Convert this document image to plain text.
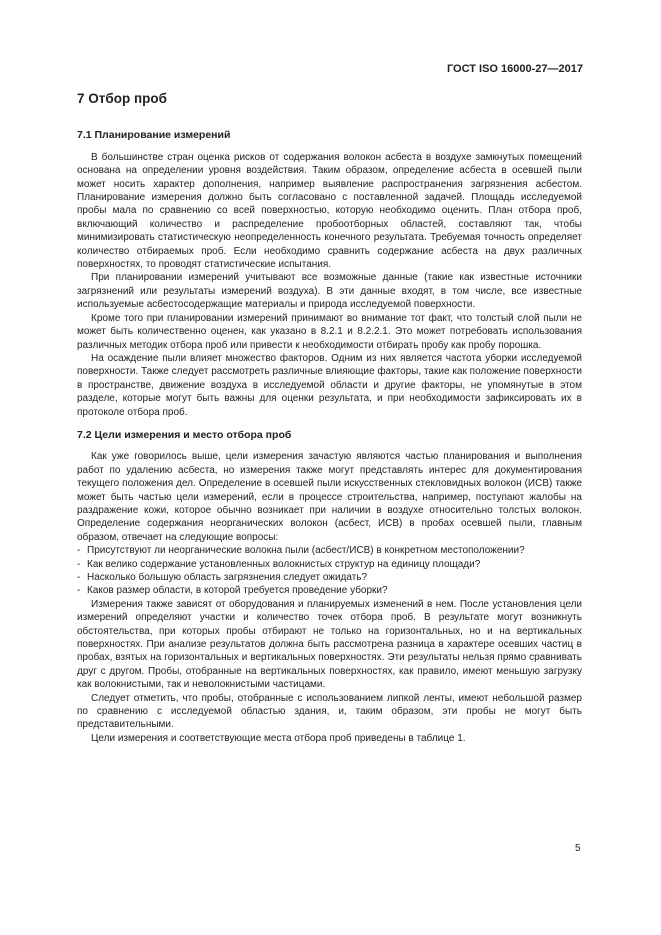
ГОСТ ISO 16000-27—2017
7 Отбор проб
7.1 Планирование измерений

В большинстве стран оценка рисков от содержания волокон асбеста в воздухе замкнутых помещений основана на определении уровня воздействия. Таким образом, определение асбеста в осевшей пыли может носить характер дополнения, например выявление распространения загрязнения асбестом. Планирование измерения должно быть согласовано с поставленной задачей. Площадь исследуемой пробы мала по сравнению со всей поверхностью, которую необходимо оценить. План отбора проб, включающий количество и распределение пробоотборных областей, составляют так, чтобы минимизировать статистическую неопределенность конечного результата. Требуемая точность определяет количество отбираемых проб. Если необходимо сравнить содержание асбеста на двух различных поверхностях, то проводят статистические испытания.

При планировании измерений учитывают все возможные данные (такие как известные источники загрязнений или результаты измерений воздуха). В эти данные входят, в том числе, все известные используемые асбестосодержащие материалы и природа исследуемой поверхности.

Кроме того при планировании измерений принимают во внимание тот факт, что толстый слой пыли не может быть количественно оценен, как указано в 8.2.1 и 8.2.2.1. Это может потребовать использования различных методик отбора проб или привести к необходимости отбирать пробу как пробу порошка.

На осаждение пыли влияет множество факторов. Одним из них является частота уборки исследуемой поверхности. Также следует рассмотреть различные влияющие факторы, такие как положение поверхности в пространстве, движение воздуха в исследуемой области и другие факторы, не упомянутые в этом разделе, которые могут быть важны для оценки результата, и при необходимости зафиксировать их в протоколе отбора проб.

7.2 Цели измерения и место отбора проб

Как уже говорилось выше, цели измерения зачастую являются частью планирования и выполнения работ по удалению асбеста, но измерения также могут представлять интерес для документирования текущего положения дел. Определение в осевшей пыли искусственных стекловидных волокон (ИСВ) также может быть частью цели измерений, если в процессе строительства, например, поступают жалобы на раздражение кожи, которое обычно возникает при наличии в воздухе относительно толстых волокон. Определение содержания неорганических волокон (асбест, ИСВ) в пробах осевшей пыли, главным образом, отвечает на следующие вопросы:

- Присутствуют ли неорганические волокна пыли (асбест/ИСВ) в конкретном местоположении?
- Как велико содержание установленных волокнистых структур на единицу площади?
- Насколько большую область загрязнения следует ожидать?
- Каков размер области, в которой требуется проведение уборки?

Измерения также зависят от оборудования и планируемых изменений в нем. После установления цели измерений определяют участки и количество точек отбора проб. В результате могут возникнуть обстоятельства, при которых пробы отбирают не только на горизонтальных, но и на вертикальных поверхностях. При анализе результатов должна быть рассмотрена разница в характере осевших частиц в пробах, взятых на горизонтальных и вертикальных поверхностях. Эти результаты нельзя прямо сравнивать друг с другом. Пробы, отобранные на вертикальных поверхностях, как правило, имеют меньшую загрузку как волокнистыми, так и неволокнистыми частицами.

Следует отметить, что пробы, отобранные с использованием липкой ленты, имеют небольшой размер по сравнению с исследуемой областью здания, и, таким образом, эти пробы не могут быть представительными.

Цели измерения и соответствующие места отбора проб приведены в таблице 1.

5
